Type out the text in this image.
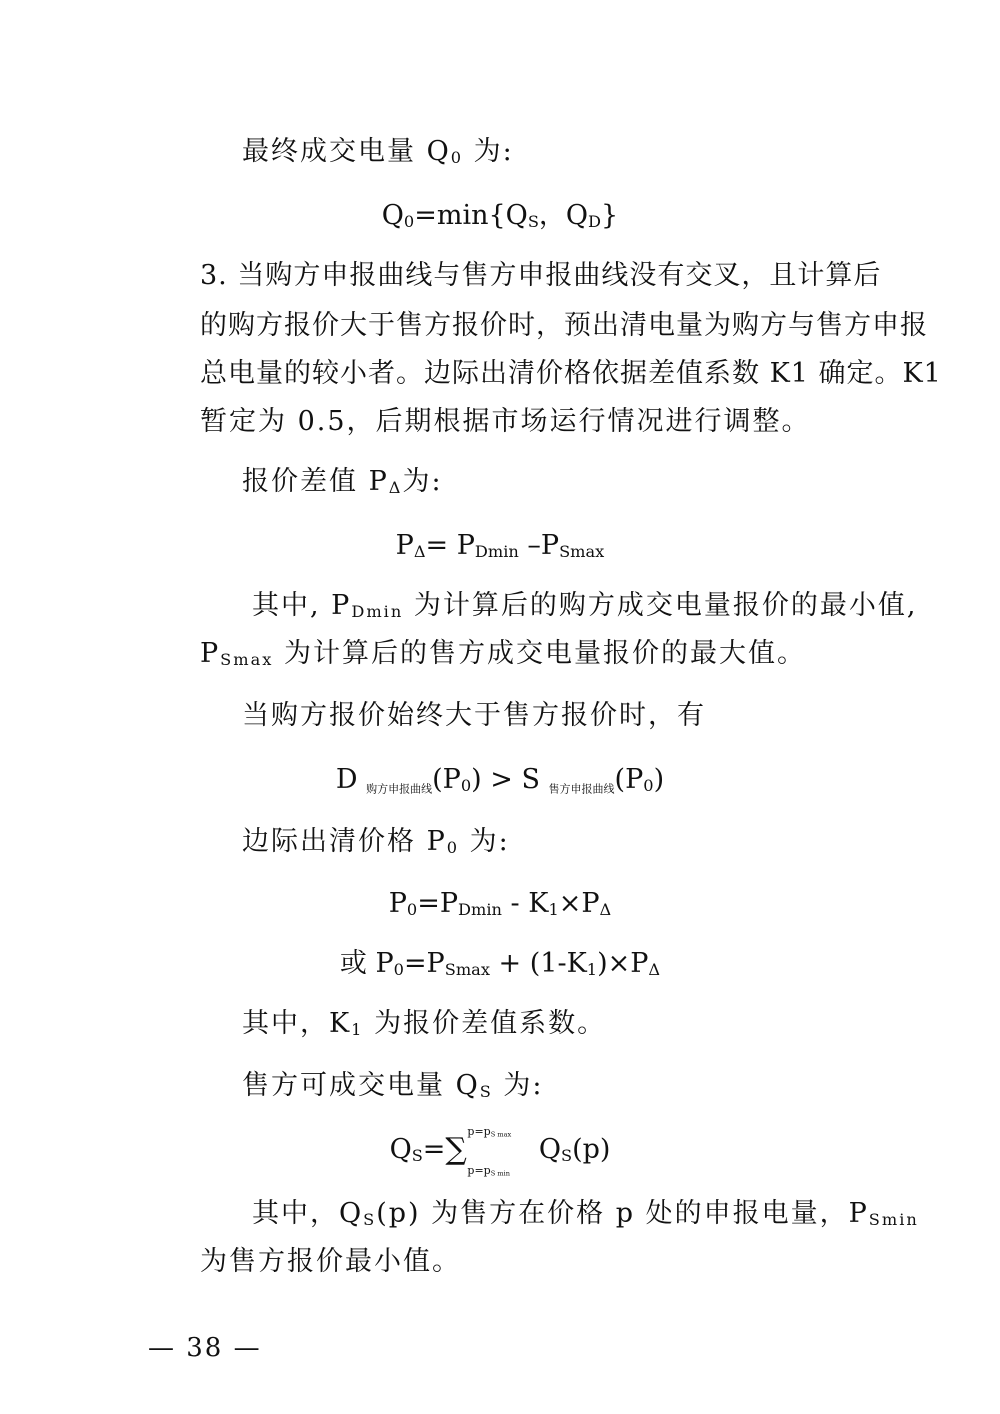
最终成交电量 $Q_0$ 为:
$Q_0=\min\{Q_S$，$Q_D$}
3. 当购方申报曲线与售方申报曲线没有交叉，且计算后
的购方报价大于售方报价时，预出清电量为购方与售方申报
总电量的较小者。边际出清价格依据差值系数 K1 确定。K1
暂定为 0.5，后期根据市场运行情况进行调整。
报价差值 $P_\Delta$为:
$P_\Delta= P_{Dmin}$ $-P_{Smax}$
其中, $P_{Dmin}$ 为计算后的购方成交电量报价的最小值,
$P_{Smax}$ 为计算后的售方成交电量报价的最大值。
当购方报价始终大于售方报价时，有
D 购方申报曲线$(P_0) > S$ 售方申报曲线$(P_0)$
边际出清价格 $P_0$ 为:
$P_0=P_{Dmin} - K_1\times P_\Delta$
或 $P_0=P_{Smax} + (1-K_1)\times P_\Delta$
其中，$K_1$ 为报价差值系数。
售方可成交电量 $Q_S$ 为:
$Q_S=\sum$
$p=p_{S max}$
$p=p_{S min}$
$Q_S(p)$
其中，$Q_S(p)$ 为售方在价格 p 处的申报电量，$P_{Smin}$
为售方报价最小值。
— 38 —
